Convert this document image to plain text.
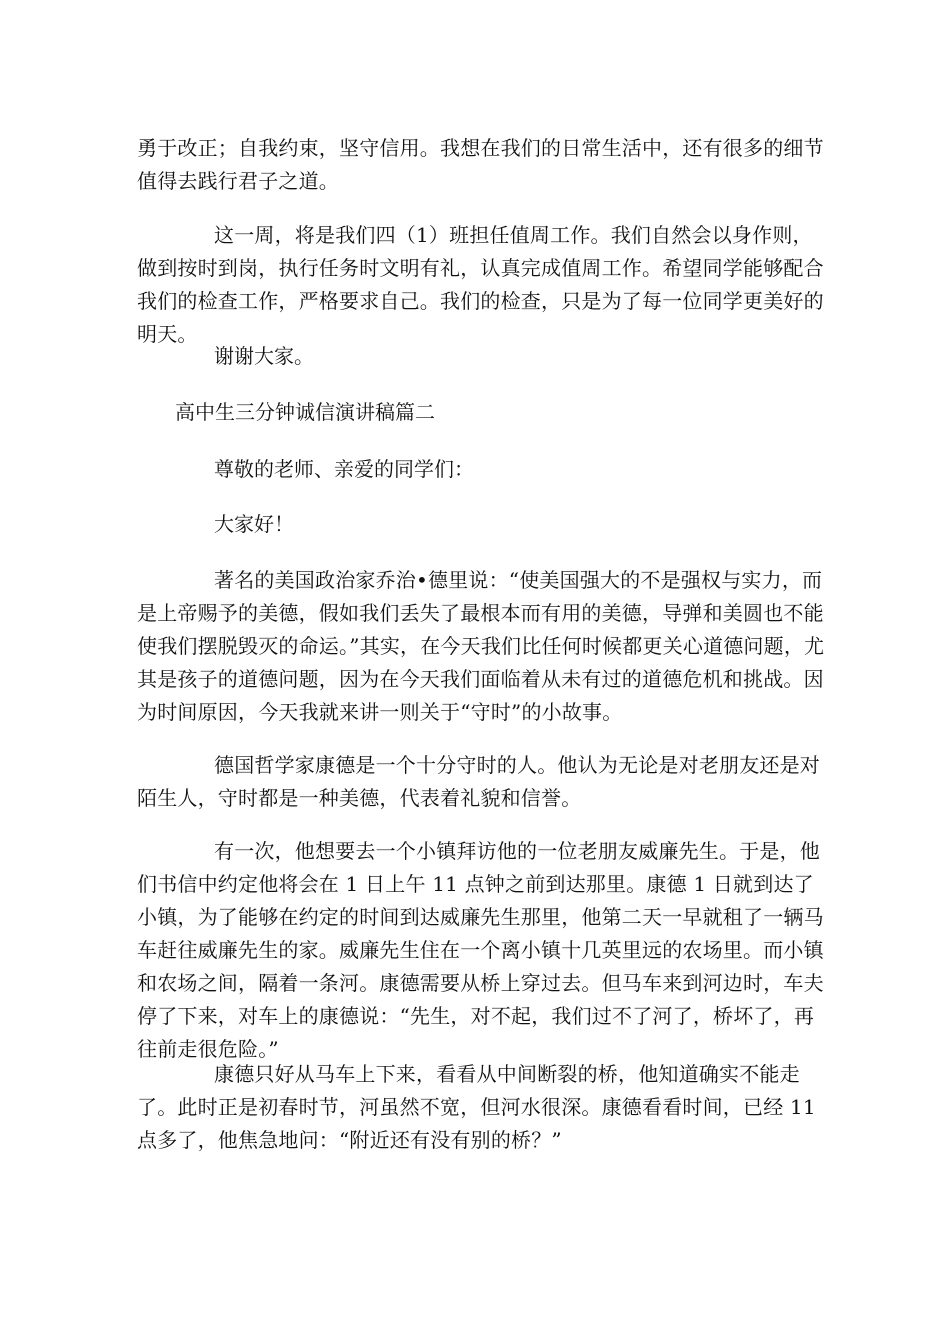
勇于改正；自我约束，坚守信用。我想在我们的日常生活中，还有很多的细节值得去践行君子之道。

这一周，将是我们四（1）班担任值周工作。我们自然会以身作则，做到按时到岗，执行任务时文明有礼，认真完成值周工作。希望同学能够配合我们的检查工作，严格要求自己。我们的检查，只是为了每一位同学更美好的明天。

谢谢大家。

高中生三分钟诚信演讲稿篇二

尊敬的老师、亲爱的同学们：

大家好！

著名的美国政治家乔治•德里说：“使美国强大的不是强权与实力，而是上帝赐予的美德，假如我们丢失了最根本而有用的美德，导弹和美圆也不能使我们摆脱毁灭的命运。”其实，在今天我们比任何时候都更关心道德问题，尤其是孩子的道德问题，因为在今天我们面临着从未有过的道德危机和挑战。因为时间原因，今天我就来讲一则关于“守时”的小故事。

德国哲学家康德是一个十分守时的人。他认为无论是对老朋友还是对陌生人，守时都是一种美德，代表着礼貌和信誉。

有一次，他想要去一个小镇拜访他的一位老朋友威廉先生。于是，他们书信中约定他将会在 1 日上午 11 点钟之前到达那里。康德 1 日就到达了小镇，为了能够在约定的时间到达威廉先生那里，他第二天一早就租了一辆马车赶往威廉先生的家。威廉先生住在一个离小镇十几英里远的农场里。而小镇和农场之间，隔着一条河。康德需要从桥上穿过去。但马车来到河边时，车夫停了下来，对车上的康德说：“先生，对不起，我们过不了河了，桥坏了，再往前走很危险。”

康德只好从马车上下来，看看从中间断裂的桥，他知道确实不能走了。此时正是初春时节，河虽然不宽，但河水很深。康德看看时间，已经 11 点多了，他焦急地问：“附近还有没有别的桥？”
